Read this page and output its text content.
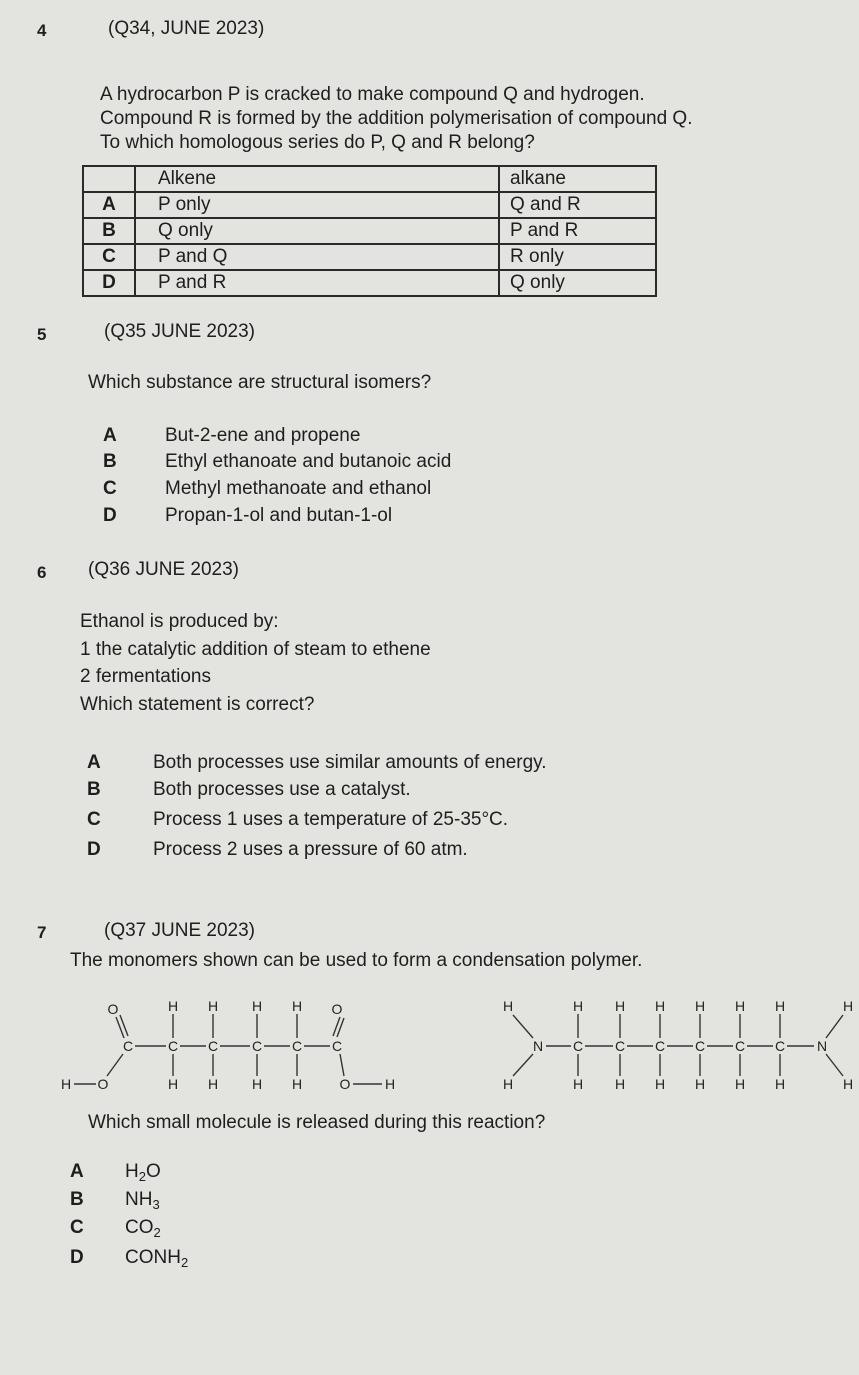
4	(Q34, JUNE 2023)
A hydrocarbon P is cracked to make compound Q and hydrogen.
Compound R is formed by the addition polymerisation of compound Q.
To which homologous series do P, Q and R belong?
	Alkene	alkane
A	P only	Q and R
B	Q only	P and R
C	P and Q	R only
D	P and R	Q only
5	(Q35 JUNE 2023)
Which substance are structural isomers?
A	But-2-ene and propene
B	Ethyl ethanoate and butanoic acid
C	Methyl methanoate and ethanol
D	Propan-1-ol and butan-1-ol
6 (Q36 JUNE 2023)
Ethanol is produced by:
1 the catalytic addition of steam to ethene
2 fermentations
Which statement is correct?
A	Both processes use similar amounts of energy.
B	Both processes use a catalyst.
C	Process 1 uses a temperature of 25-35°C.
D	Process 2 uses a pressure of 60 atm.
7	(Q37 JUNE 2023)
The monomers shown can be used to form a condensation polymer.
C C C C C C
H
H
H
H
H
H
H
H
O	O
O
H	O H
N	N
C C C C C C
H
H
H
H
H
H
H
H
H
H
H
H
H
H
H
H
Which small molecule is released during this reaction?
A $H_2O$
B $NH_3$
C $CO_2$
D $CONH_2$
